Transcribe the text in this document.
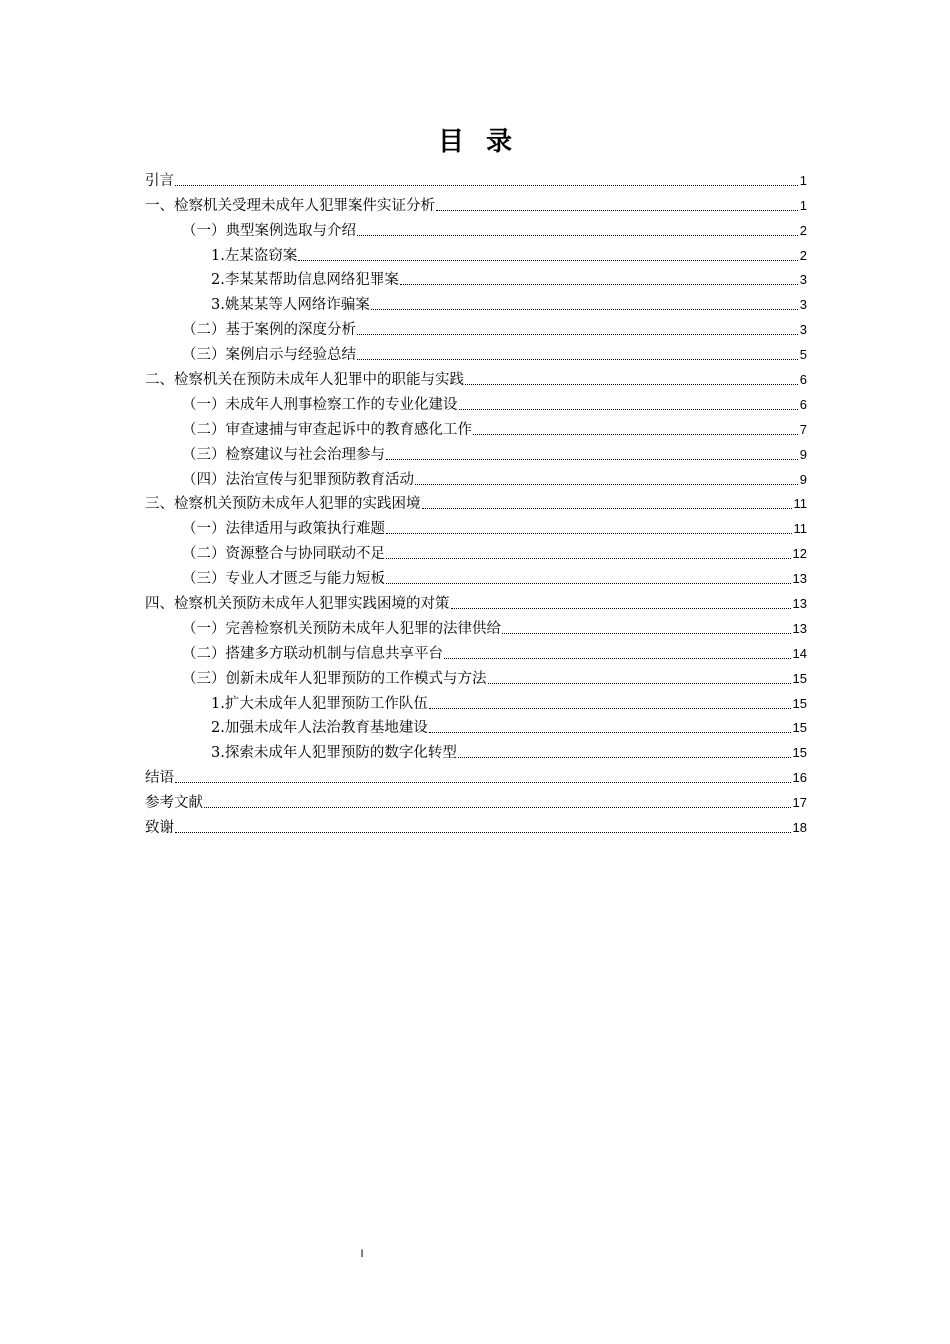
目录
引言	1
一、检察机关受理未成年人犯罪案件实证分析	1
（一）典型案例选取与介绍	2
1.左某盗窃案	2
2.李某某帮助信息网络犯罪案	3
3.姚某某等人网络诈骗案	3
（二）基于案例的深度分析	3
（三）案例启示与经验总结	5
二、检察机关在预防未成年人犯罪中的职能与实践	6
（一）未成年人刑事检察工作的专业化建设	6
（二）审查逮捕与审查起诉中的教育感化工作	7
（三）检察建议与社会治理参与	9
（四）法治宣传与犯罪预防教育活动	9
三、检察机关预防未成年人犯罪的实践困境	11
（一）法律适用与政策执行难题	11
（二）资源整合与协同联动不足	12
（三）专业人才匮乏与能力短板	13
四、检察机关预防未成年人犯罪实践困境的对策	13
（一）完善检察机关预防未成年人犯罪的法律供给	13
（二）搭建多方联动机制与信息共享平台	14
（三）创新未成年人犯罪预防的工作模式与方法	15
1.扩大未成年人犯罪预防工作队伍	15
2.加强未成年人法治教育基地建设	15
3.探索未成年人犯罪预防的数字化转型	15
结语	16
参考文献	17
致谢	18
I
